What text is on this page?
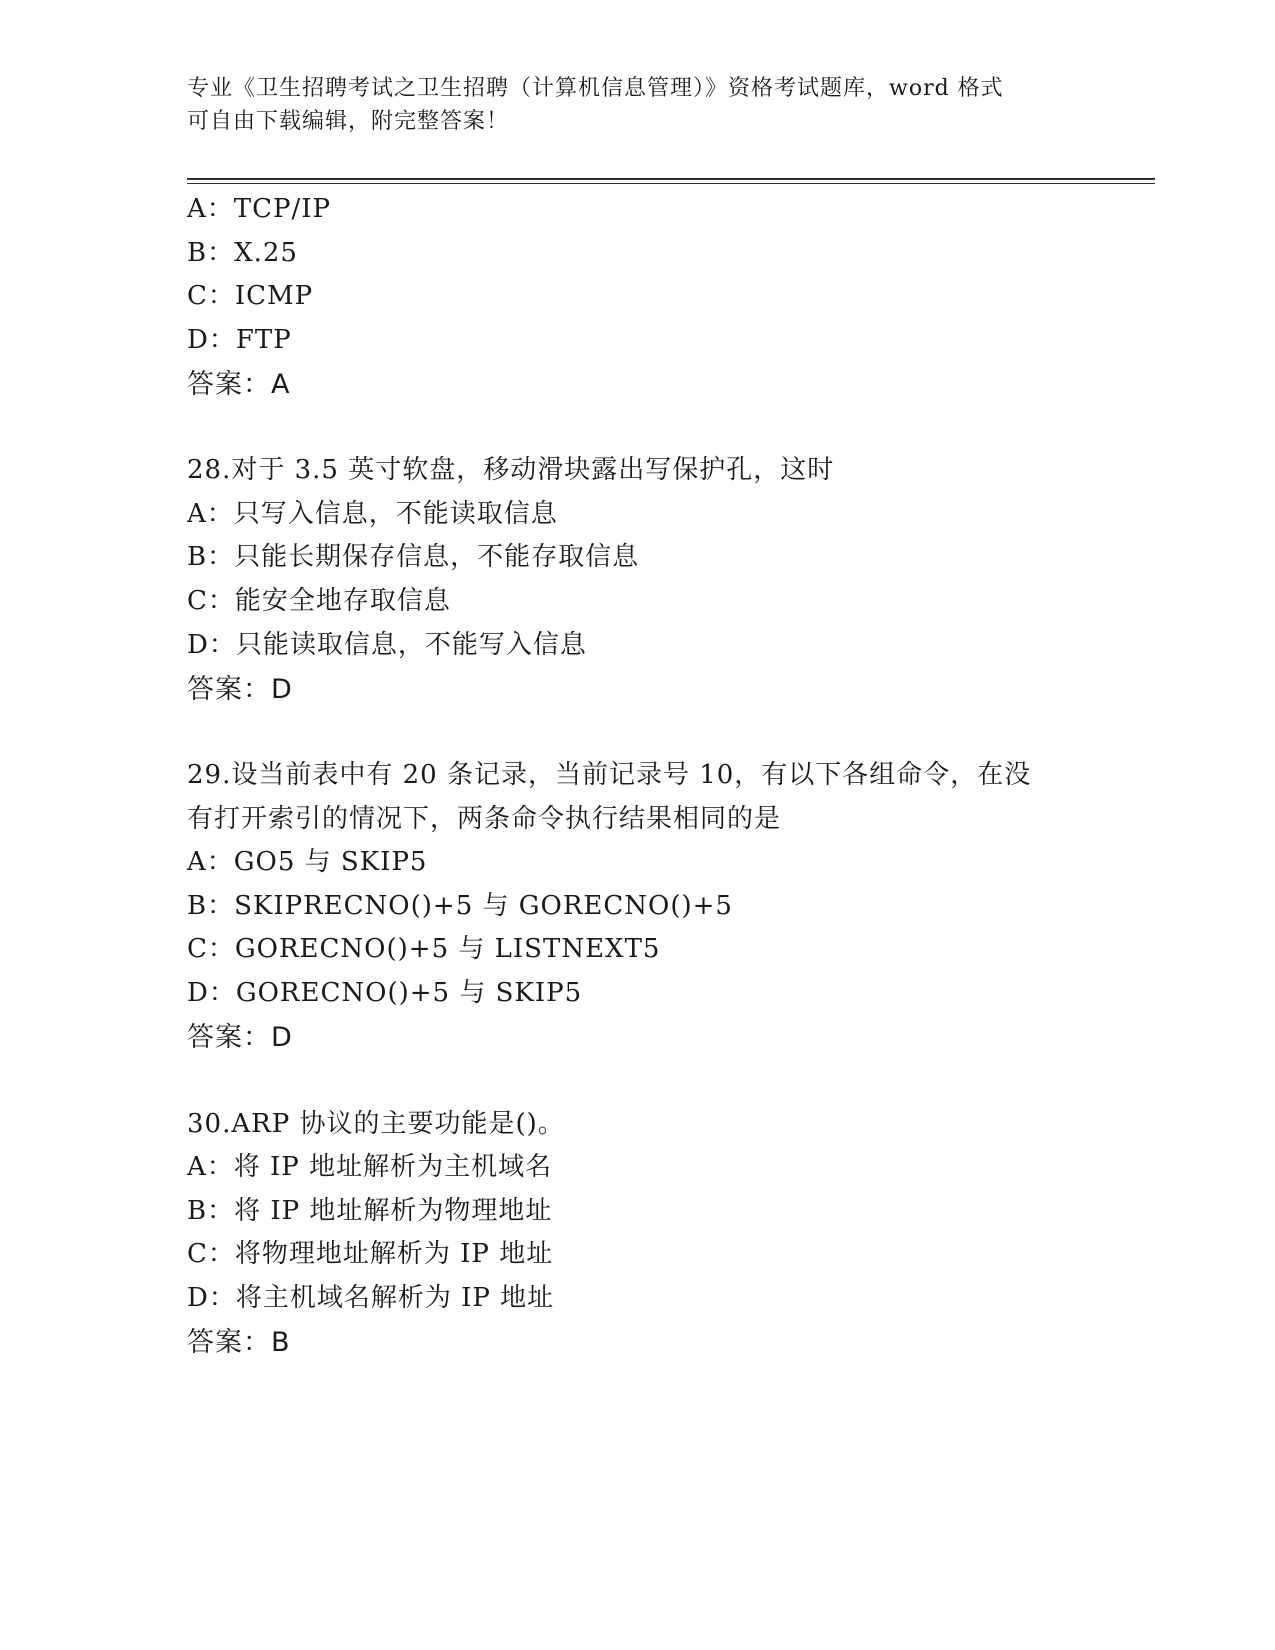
专业《卫生招聘考试之卫生招聘（计算机信息管理）》资格考试题库，word 格式
可自由下载编辑，附完整答案！
A：TCP/IP
B：X.25
C：ICMP
D：FTP
答案：A
28.对于 3.5 英寸软盘，移动滑块露出写保护孔，这时
A：只写入信息，不能读取信息
B：只能长期保存信息，不能存取信息
C：能安全地存取信息
D：只能读取信息，不能写入信息
答案：D
29.设当前表中有 20 条记录，当前记录号 10，有以下各组命令，在没
有打开索引的情况下，两条命令执行结果相同的是
A：GO5 与 SKIP5
B：SKIPRECNO()+5 与 GORECNO()+5
C：GORECNO()+5 与 LISTNEXT5
D：GORECNO()+5 与 SKIP5
答案：D
30.ARP 协议的主要功能是()。
A：将 IP 地址解析为主机域名
B：将 IP 地址解析为物理地址
C：将物理地址解析为 IP 地址
D：将主机域名解析为 IP 地址
答案：B
